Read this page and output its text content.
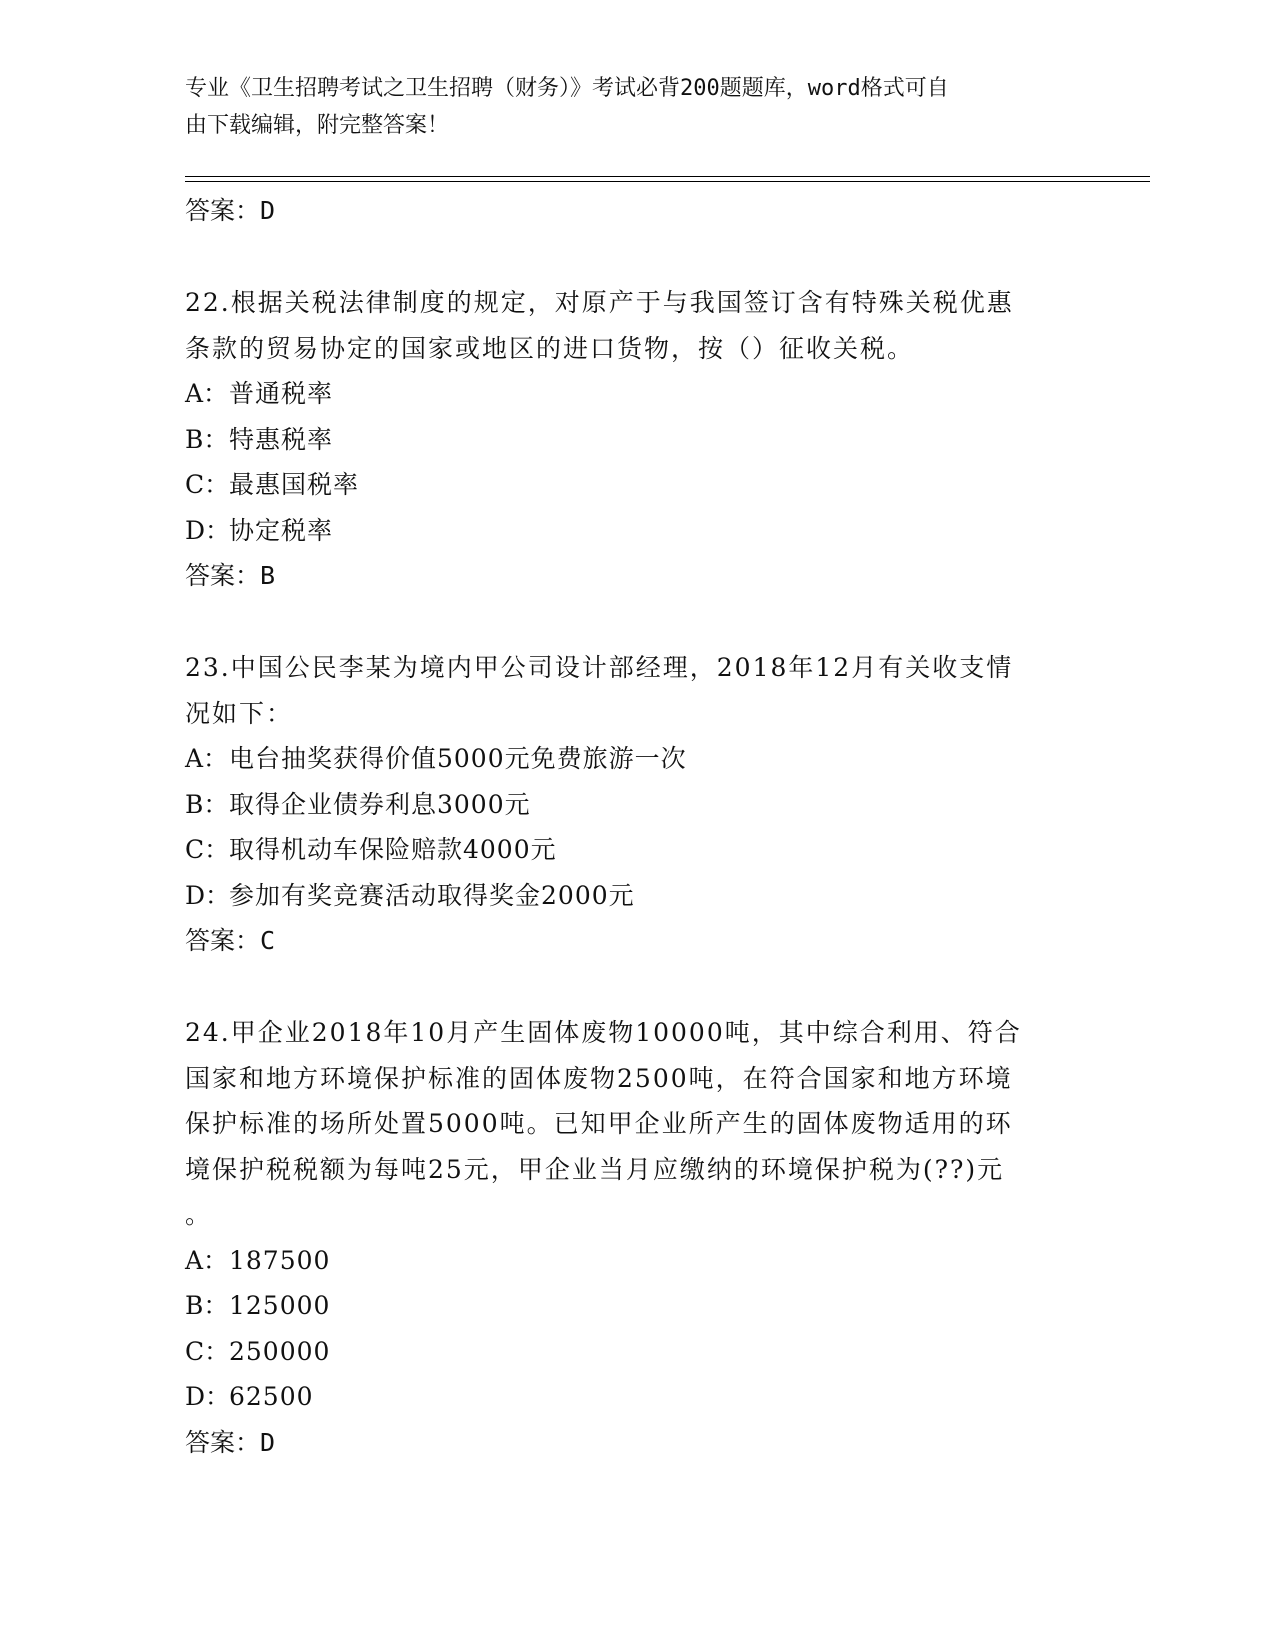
专业《卫生招聘考试之卫生招聘（财务）》考试必背200题题库，word格式可自
由下载编辑，附完整答案！

答案：D

22.根据关税法律制度的规定，对原产于与我国签订含有特殊关税优惠

条款的贸易协定的国家或地区的进口货物，按（）征收关税。

A：普通税率

B：特惠税率

C：最惠国税率

D：协定税率

答案：B

23.中国公民李某为境内甲公司设计部经理，2018年12月有关收支情

况如下：

A：电台抽奖获得价值5000元免费旅游一次

B：取得企业债券利息3000元

C：取得机动车保险赔款4000元

D：参加有奖竞赛活动取得奖金2000元

答案：C

24.甲企业2018年10月产生固体废物10000吨，其中综合利用、符合

国家和地方环境保护标准的固体废物2500吨，在符合国家和地方环境

保护标准的场所处置5000吨。已知甲企业所产生的固体废物适用的环

境保护税税额为每吨25元，甲企业当月应缴纳的环境保护税为(??)元

。

A：187500

B：125000

C：250000

D：62500

答案：D
